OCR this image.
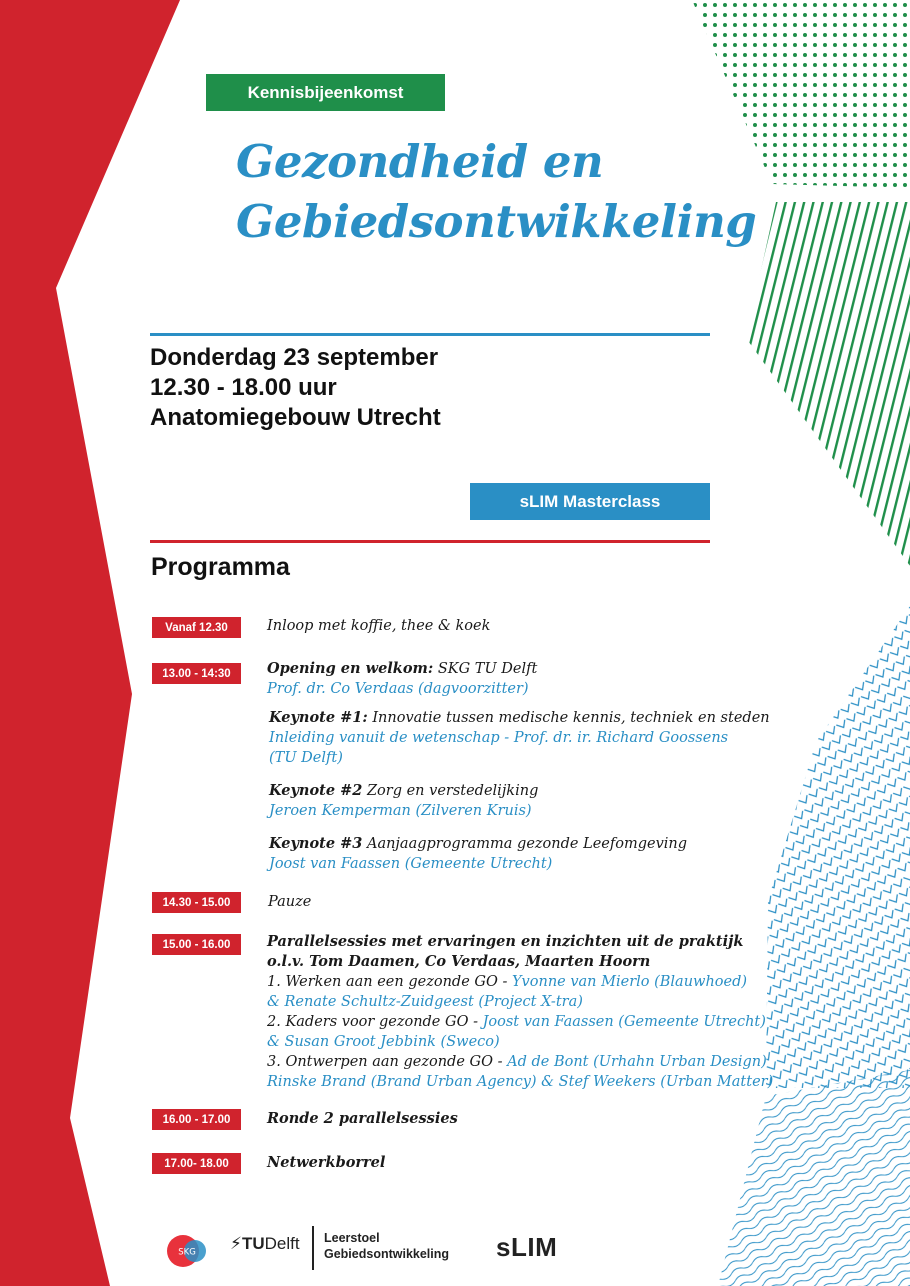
Kennisbijeenkomst
Gezondheid en
Gebiedsontwikkeling
Donderdag 23 september
12.30 - 18.00 uur
Anatomiegebouw Utrecht
sLIM Masterclass
Programma
Vanaf 12.30	Inloop met koffie, thee & koek
13.00 - 14:30	Opening en welkom: SKG TU Delft
Prof. dr. Co Verdaas (dagvoorzitter)
Keynote #1: Innovatie tussen medische kennis, techniek en steden
Inleiding vanuit de wetenschap - Prof. dr. ir. Richard Goossens
(TU Delft)
Keynote #2 Zorg en verstedelijking
Jeroen Kemperman (Zilveren Kruis)
Keynote #3 Aanjaagprogramma gezonde Leefomgeving
Joost van Faassen (Gemeente Utrecht)
14.30 - 15.00	Pauze
15.00 - 16.00	Parallelsessies met ervaringen en inzichten uit de praktijk
o.l.v. Tom Daamen, Co Verdaas, Maarten Hoorn
1. Werken aan een gezonde GO - Yvonne van Mierlo (Blauwhoed)
& Renate Schultz-Zuidgeest (Project X-tra)
2. Kaders voor gezonde GO - Joost van Faassen (Gemeente Utrecht)
& Susan Groot Jebbink (Sweco)
3. Ontwerpen aan gezonde GO - Ad de Bont (Urhahn Urban Design)
Rinske Brand (Brand Urban Agency) & Stef Weekers (Urban Matter)
16.00 - 17.00	Ronde 2 parallelsessies
17.00- 18.00	Netwerkborrel
SKG ⚡TUDelft Leerstoel
Gebiedsontwikkeling sLIM
